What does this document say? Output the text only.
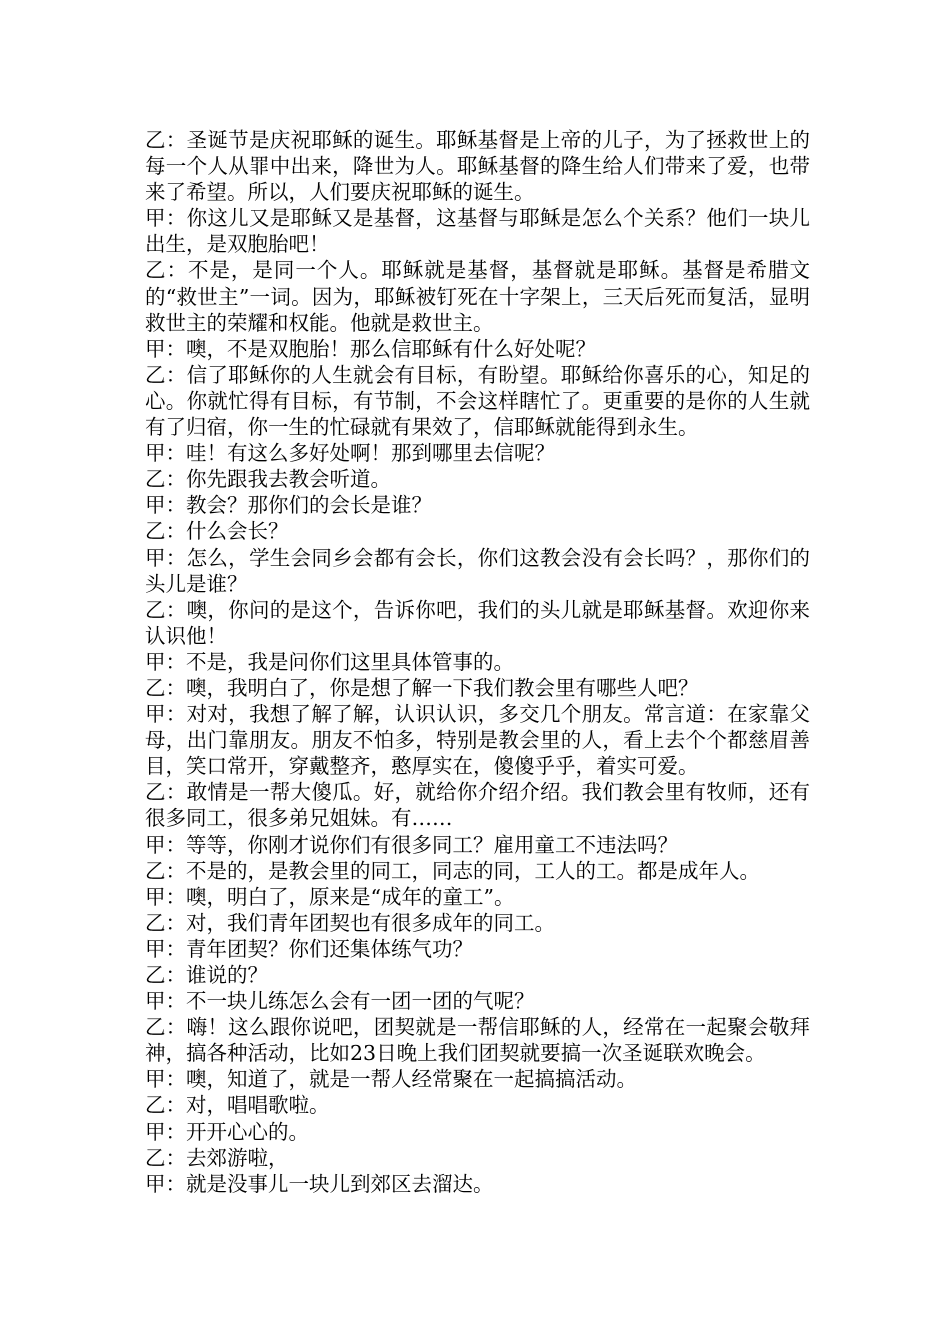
乙：圣诞节是庆祝耶稣的诞生。耶稣基督是上帝的儿子，为了拯救世上的每一个人从罪中出来，降世为人。耶稣基督的降生给人们带来了爱，也带来了希望。所以，人们要庆祝耶稣的诞生。

甲：你这儿又是耶稣又是基督，这基督与耶稣是怎么个关系？他们一块儿出生，是双胞胎吧！

乙：不是，是同一个人。耶稣就是基督，基督就是耶稣。基督是希腊文的“救世主”一词。因为，耶稣被钉死在十字架上，三天后死而复活，显明救世主的荣耀和权能。他就是救世主。

甲：噢，不是双胞胎！那么信耶稣有什么好处呢？

乙：信了耶稣你的人生就会有目标，有盼望。耶稣给你喜乐的心，知足的心。你就忙得有目标，有节制，不会这样瞎忙了。更重要的是你的人生就有了归宿，你一生的忙碌就有果效了，信耶稣就能得到永生。

甲：哇！有这么多好处啊！那到哪里去信呢？

乙：你先跟我去教会听道。

甲：教会？那你们的会长是谁？

乙：什么会长？

甲：怎么，学生会同乡会都有会长，你们这教会没有会长吗？，那你们的头儿是谁？

乙：噢，你问的是这个，告诉你吧，我们的头儿就是耶稣基督。欢迎你来认识他！

甲：不是，我是问你们这里具体管事的。

乙：噢，我明白了，你是想了解一下我们教会里有哪些人吧？

甲：对对，我想了解了解，认识认识，多交几个朋友。常言道：在家靠父母，出门靠朋友。朋友不怕多，特别是教会里的人，看上去个个都慈眉善目，笑口常开，穿戴整齐，憨厚实在，傻傻乎乎，着实可爱。

乙：敢情是一帮大傻瓜。好，就给你介绍介绍。我们教会里有牧师，还有很多同工，很多弟兄姐妹。有……

甲：等等，你刚才说你们有很多同工？雇用童工不违法吗？

乙：不是的，是教会里的同工，同志的同，工人的工。都是成年人。

甲：噢，明白了，原来是“成年的童工”。

乙：对，我们青年团契也有很多成年的同工。

甲：青年团契？你们还集体练气功？

乙：谁说的？

甲：不一块儿练怎么会有一团一团的气呢？

乙：嗨！这么跟你说吧，团契就是一帮信耶稣的人，经常在一起聚会敬拜神，搞各种活动，比如23日晚上我们团契就要搞一次圣诞联欢晚会。

甲：噢，知道了，就是一帮人经常聚在一起搞搞活动。

乙：对，唱唱歌啦。

甲：开开心心的。

乙：去郊游啦，

甲：就是没事儿一块儿到郊区去溜达。
